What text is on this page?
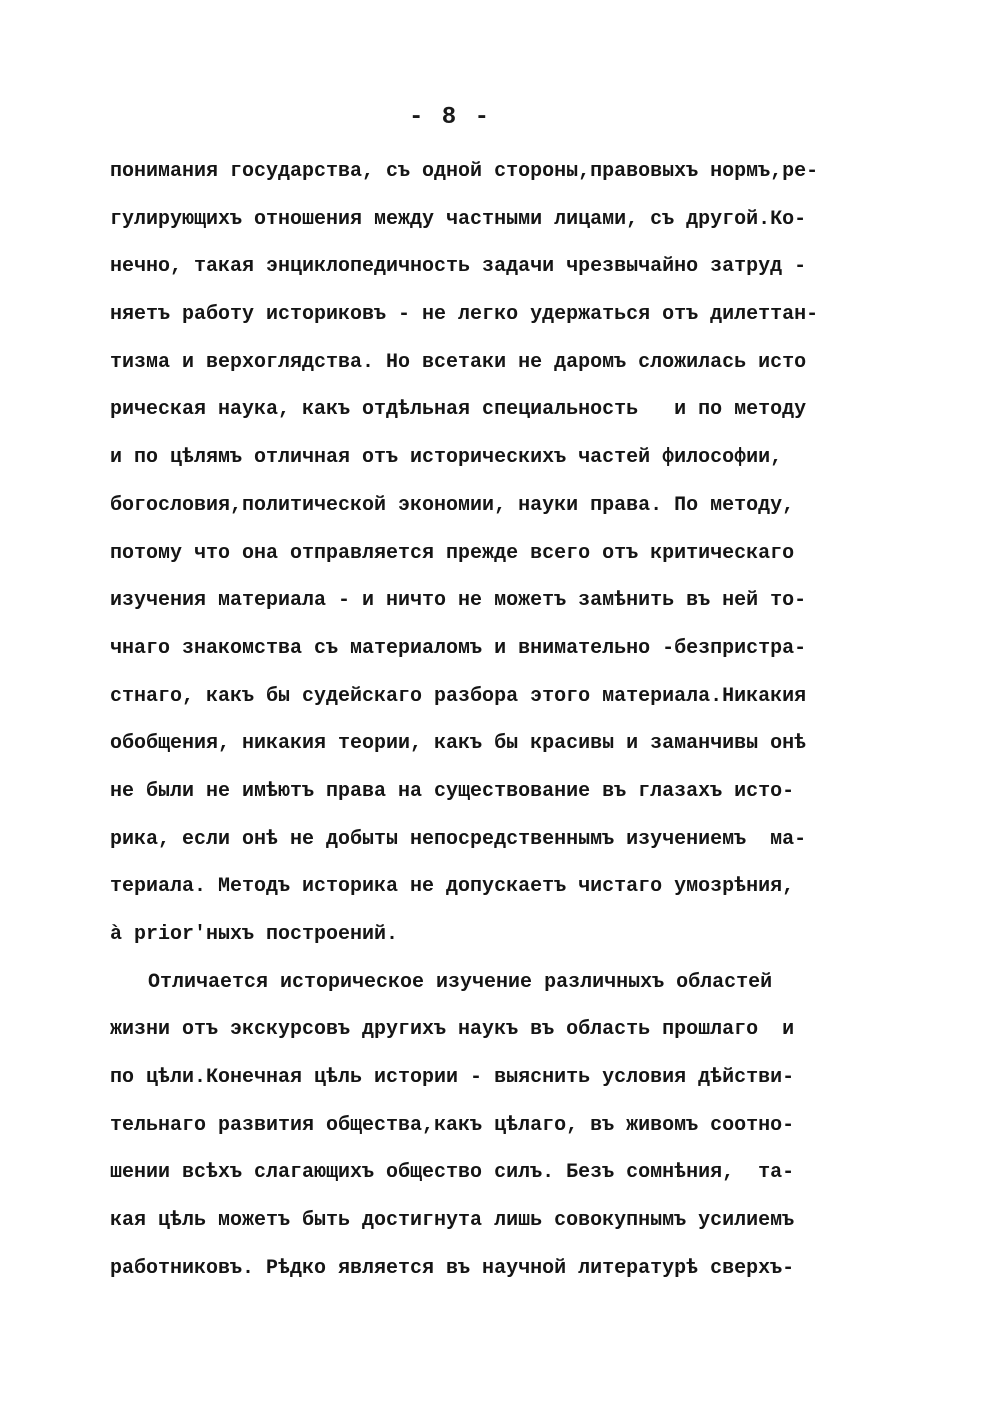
- 8 -
понимания государства, съ одной стороны,правовыхъ нормъ,ре-
гулирующихъ отношения между частными лицами, съ другой.Ко-
нечно, такая энциклопедичность задачи чрезвычайно затруд -
няетъ работу историковъ - не легко удержаться отъ дилеттан-
тизма и верхоглядства. Но всетаки не даромъ сложилась исто
рическая наука, какъ отдѣльная специальность   и по методу
и по цѣлямъ отличная отъ историческихъ частей философии,
богословия,политической экономии, науки права. По методу,
потому что она отправляется прежде всего отъ критическаго
изучения материала - и ничто не можетъ замѣнить въ ней то-
чнаго знакомства съ материаломъ и внимательно -безпристра-
стнаго, какъ бы судейскаго разбора этого материала.Никакия
обобщения, никакия теории, какъ бы красивы и заманчивы онѣ
не были не имѣютъ права на существование въ глазахъ исто-
рика, если онѣ не добыты непосредственнымъ изучениемъ  ма-
териала. Методъ историка не допускаетъ чистаго умозрѣния,
à prior'ныхъ построений.
Отличается историческое изучение различныхъ областей
жизни отъ экскурсовъ другихъ наукъ въ область прошлаго  и
по цѣли.Конечная цѣль истории - выяснить условия дѣйстви-
тельнаго развития общества,какъ цѣлаго, въ живомъ соотно-
шении всѣхъ слагающихъ общество силъ. Безъ сомнѣния,  та-
кая цѣль можетъ быть достигнута лишь совокупнымъ усилиемъ
работниковъ. Рѣдко является въ научной литературѣ сверхъ-
